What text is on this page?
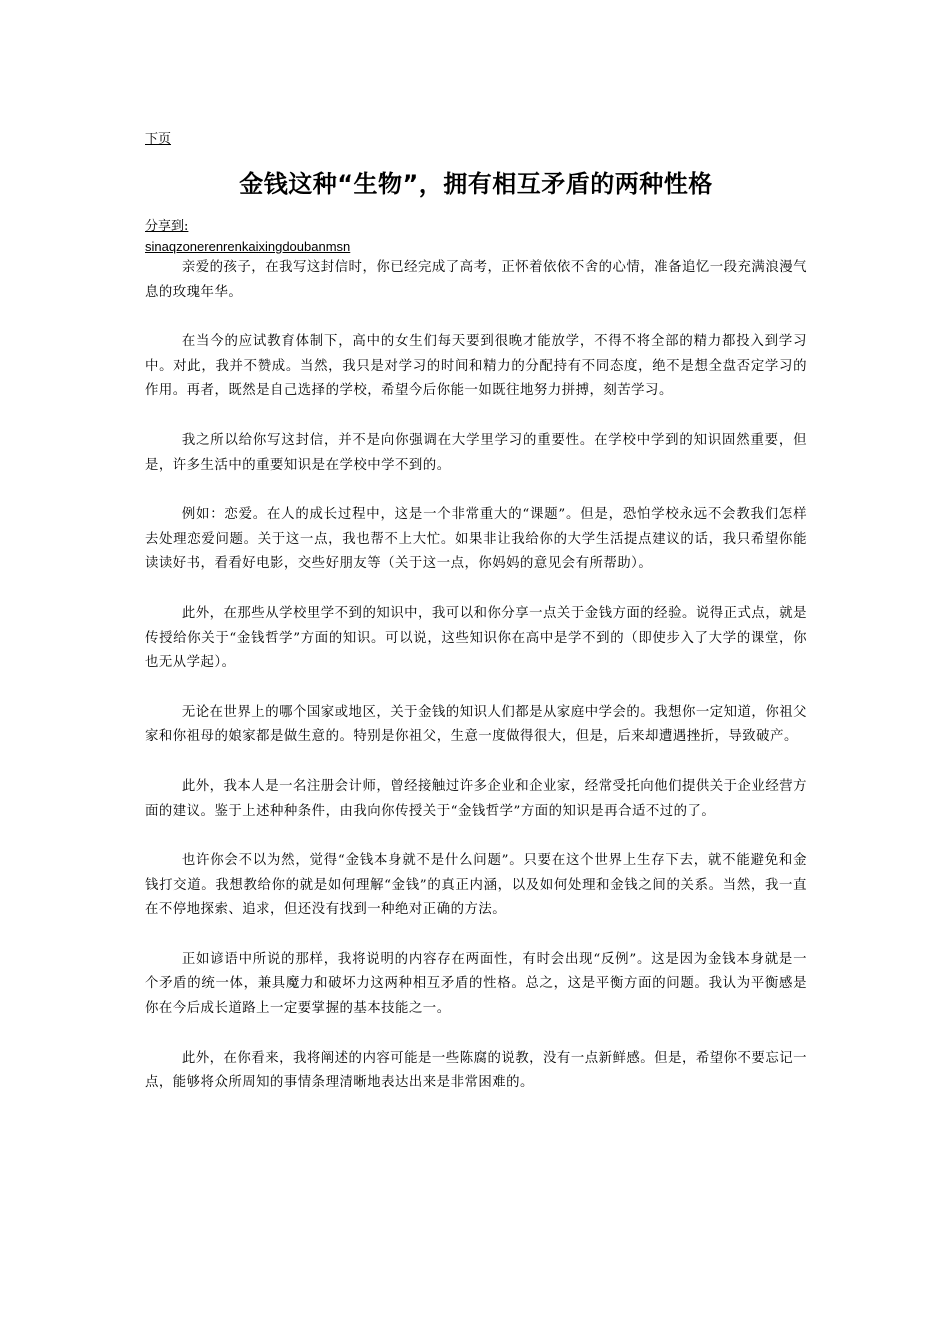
下页
金钱这种“生物”，拥有相互矛盾的两种性格
分享到:
sinaqzonerenrenkaixingdoubanmsn

亲爱的孩子，在我写这封信时，你已经完成了高考，正怀着依依不舍的心情，准备追忆一段充满浪漫气息的玫瑰年华。

在当今的应试教育体制下，高中的女生们每天要到很晚才能放学，不得不将全部的精力都投入到学习中。对此，我并不赞成。当然，我只是对学习的时间和精力的分配持有不同态度，绝不是想全盘否定学习的作用。再者，既然是自己选择的学校，希望今后你能一如既往地努力拼搏，刻苦学习。

我之所以给你写这封信，并不是向你强调在大学里学习的重要性。在学校中学到的知识固然重要，但是，许多生活中的重要知识是在学校中学不到的。

例如：恋爱。在人的成长过程中，这是一个非常重大的“课题”。但是，恐怕学校永远不会教我们怎样去处理恋爱问题。关于这一点，我也帮不上大忙。如果非让我给你的大学生活提点建议的话，我只希望你能读读好书，看看好电影，交些好朋友等（关于这一点，你妈妈的意见会有所帮助）。

此外，在那些从学校里学不到的知识中，我可以和你分享一点关于金钱方面的经验。说得正式点，就是传授给你关于“金钱哲学”方面的知识。可以说，这些知识你在高中是学不到的（即使步入了大学的课堂，你也无从学起）。

无论在世界上的哪个国家或地区，关于金钱的知识人们都是从家庭中学会的。我想你一定知道，你祖父家和你祖母的娘家都是做生意的。特别是你祖父，生意一度做得很大，但是，后来却遭遇挫折，导致破产。

此外，我本人是一名注册会计师，曾经接触过许多企业和企业家，经常受托向他们提供关于企业经营方面的建议。鉴于上述种种条件，由我向你传授关于“金钱哲学”方面的知识是再合适不过的了。

也许你会不以为然，觉得“金钱本身就不是什么问题”。只要在这个世界上生存下去，就不能避免和金钱打交道。我想教给你的就是如何理解“金钱”的真正内涵，以及如何处理和金钱之间的关系。当然，我一直在不停地探索、追求，但还没有找到一种绝对正确的方法。

正如谚语中所说的那样，我将说明的内容存在两面性，有时会出现“反例”。这是因为金钱本身就是一个矛盾的统一体，兼具魔力和破坏力这两种相互矛盾的性格。总之，这是平衡方面的问题。我认为平衡感是你在今后成长道路上一定要掌握的基本技能之一。

此外，在你看来，我将阐述的内容可能是一些陈腐的说教，没有一点新鲜感。但是，希望你不要忘记一点，能够将众所周知的事情条理清晰地表达出来是非常困难的。
